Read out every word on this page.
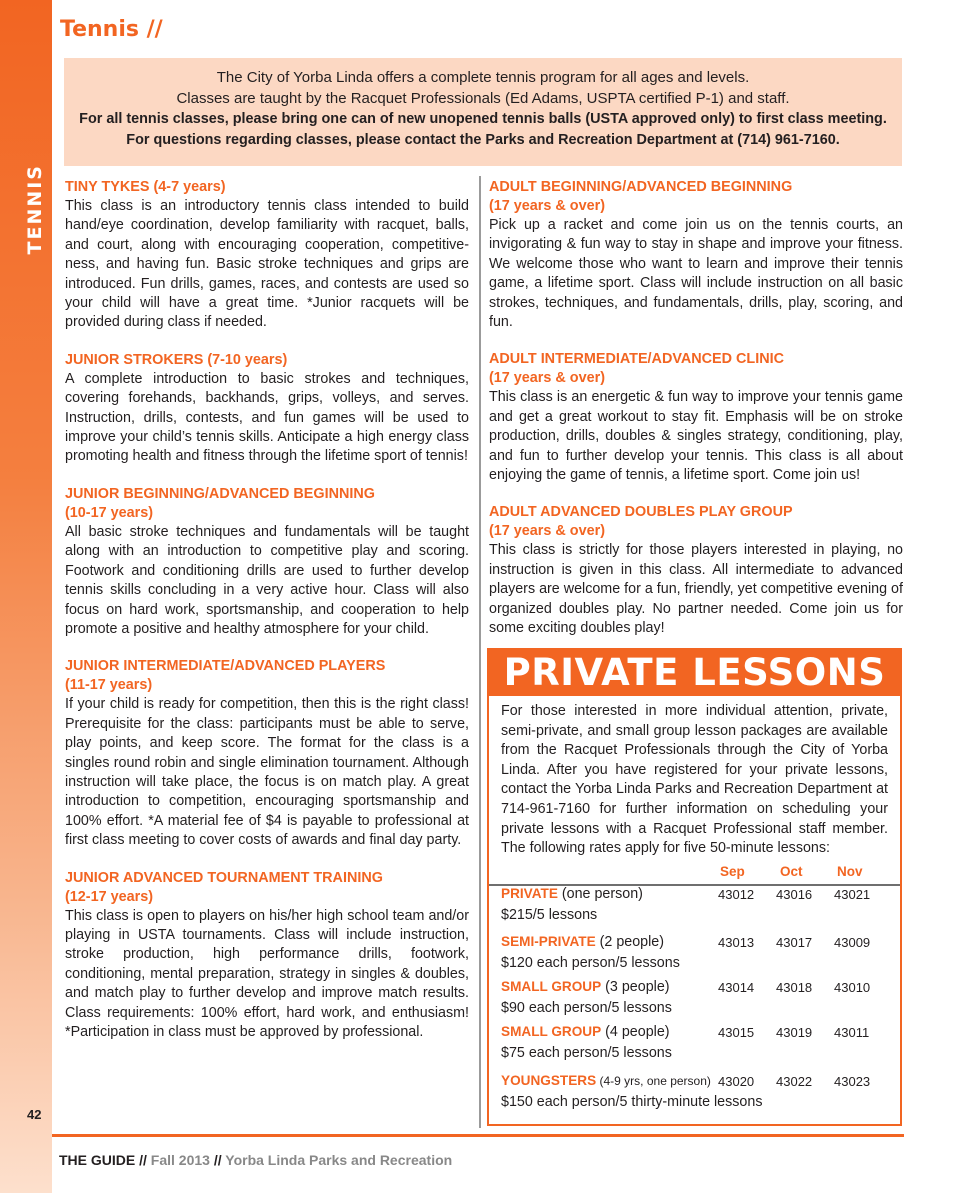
TENNIS
42
Tennis //
The City of Yorba Linda offers a complete tennis program for all ages and levels.
Classes are taught by the Racquet Professionals (Ed Adams, USPTA certified P-1) and staff.
For all tennis classes, please bring one can of new unopened tennis balls (USTA approved only) to first class meeting.
For questions regarding classes, please contact the Parks and Recreation Department at (714) 961-7160.
TINY TYKES (4-7 years)

This class is an introductory tennis class intended to build hand/eye coordination, develop familiarity with racquet, balls, and court, along with encouraging cooperation, competitiveness, and having fun. Basic stroke techniques and grips are introduced. Fun drills, games, races, and contests are used so your child will have a great time. *Junior racquets will be provided during class if needed.

JUNIOR STROKERS (7-10 years)

A complete introduction to basic strokes and techniques, covering forehands, backhands, grips, volleys, and serves. Instruction, drills, contests, and fun games will be used to improve your child’s tennis skills. Anticipate a high energy class promoting health and fitness through the lifetime sport of tennis!

JUNIOR BEGINNING/ADVANCED BEGINNING
(10-17 years)

All basic stroke techniques and fundamentals will be taught along with an introduction to competitive play and scoring. Footwork and conditioning drills are used to further develop tennis skills concluding in a very active hour. Class will also focus on hard work, sportsmanship, and cooperation to help promote a positive and healthy atmosphere for your child.

JUNIOR INTERMEDIATE/ADVANCED PLAYERS
(11-17 years)

If your child is ready for competition, then this is the right class! Prerequisite for the class: participants must be able to serve, play points, and keep score. The format for the class is a singles round robin and single elimination tournament. Although instruction will take place, the focus is on match play. A great introduction to competition, encouraging sportsmanship and 100% effort. *A material fee of $4 is payable to professional at first class meeting to cover costs of awards and final day party.

JUNIOR ADVANCED TOURNAMENT TRAINING
(12-17 years)

This class is open to players on his/her high school team and/or playing in USTA tournaments. Class will include instruction, stroke production, high performance drills, footwork, conditioning, mental preparation, strategy in singles & doubles, and match play to further develop and improve match results. Class requirements: 100% effort, hard work, and enthusiasm! *Participation in class must be approved by professional.

ADULT BEGINNING/ADVANCED BEGINNING
(17 years & over)

Pick up a racket and come join us on the tennis courts, an invigorating & fun way to stay in shape and improve your fitness. We welcome those who want to learn and improve their tennis game, a lifetime sport. Class will include instruction on all basic strokes, techniques, and fundamentals, drills, play, scoring, and fun.

ADULT INTERMEDIATE/ADVANCED CLINIC
(17 years & over)

This class is an energetic & fun way to improve your tennis game and get a great workout to stay fit. Emphasis will be on stroke production, drills, doubles & singles strategy, conditioning, play, and fun to further develop your tennis. This class is all about enjoying the game of tennis, a lifetime sport. Come join us!

ADULT ADVANCED DOUBLES PLAY GROUP
(17 years & over)

This class is strictly for those players interested in playing, no instruction is given in this class. All intermediate to advanced players are welcome for a fun, friendly, yet competitive evening of organized doubles play. No partner needed. Come join us for some exciting doubles play!

PRIVATE LESSONS
For those interested in more individual attention, private, semi-private, and small group lesson packages are available from the Racquet Professionals through the City of Yorba Linda. After you have registered for your private lessons, contact the Yorba Linda Parks and Recreation Department at 714-961-7160 for further information on scheduling your private lessons with a Racquet Professional staff member. The following rates apply for five 50-minute lessons:
Sep	Oct	Nov
PRIVATE (one person)	43012 43016 43021
$215/5 lessons
SEMI-PRIVATE (2 people)	43013 43017 43009
$120 each person/5 lessons
SMALL GROUP (3 people)	43014 43018 43010
$90 each person/5 lessons
SMALL GROUP (4 people)	43015 43019 43011
$75 each person/5 lessons
YOUNGSTERS (4-9 yrs, one person) 43020 43022 43023
$150 each person/5 thirty-minute lessons
THE GUIDE // Fall 2013 // Yorba Linda Parks and Recreation
